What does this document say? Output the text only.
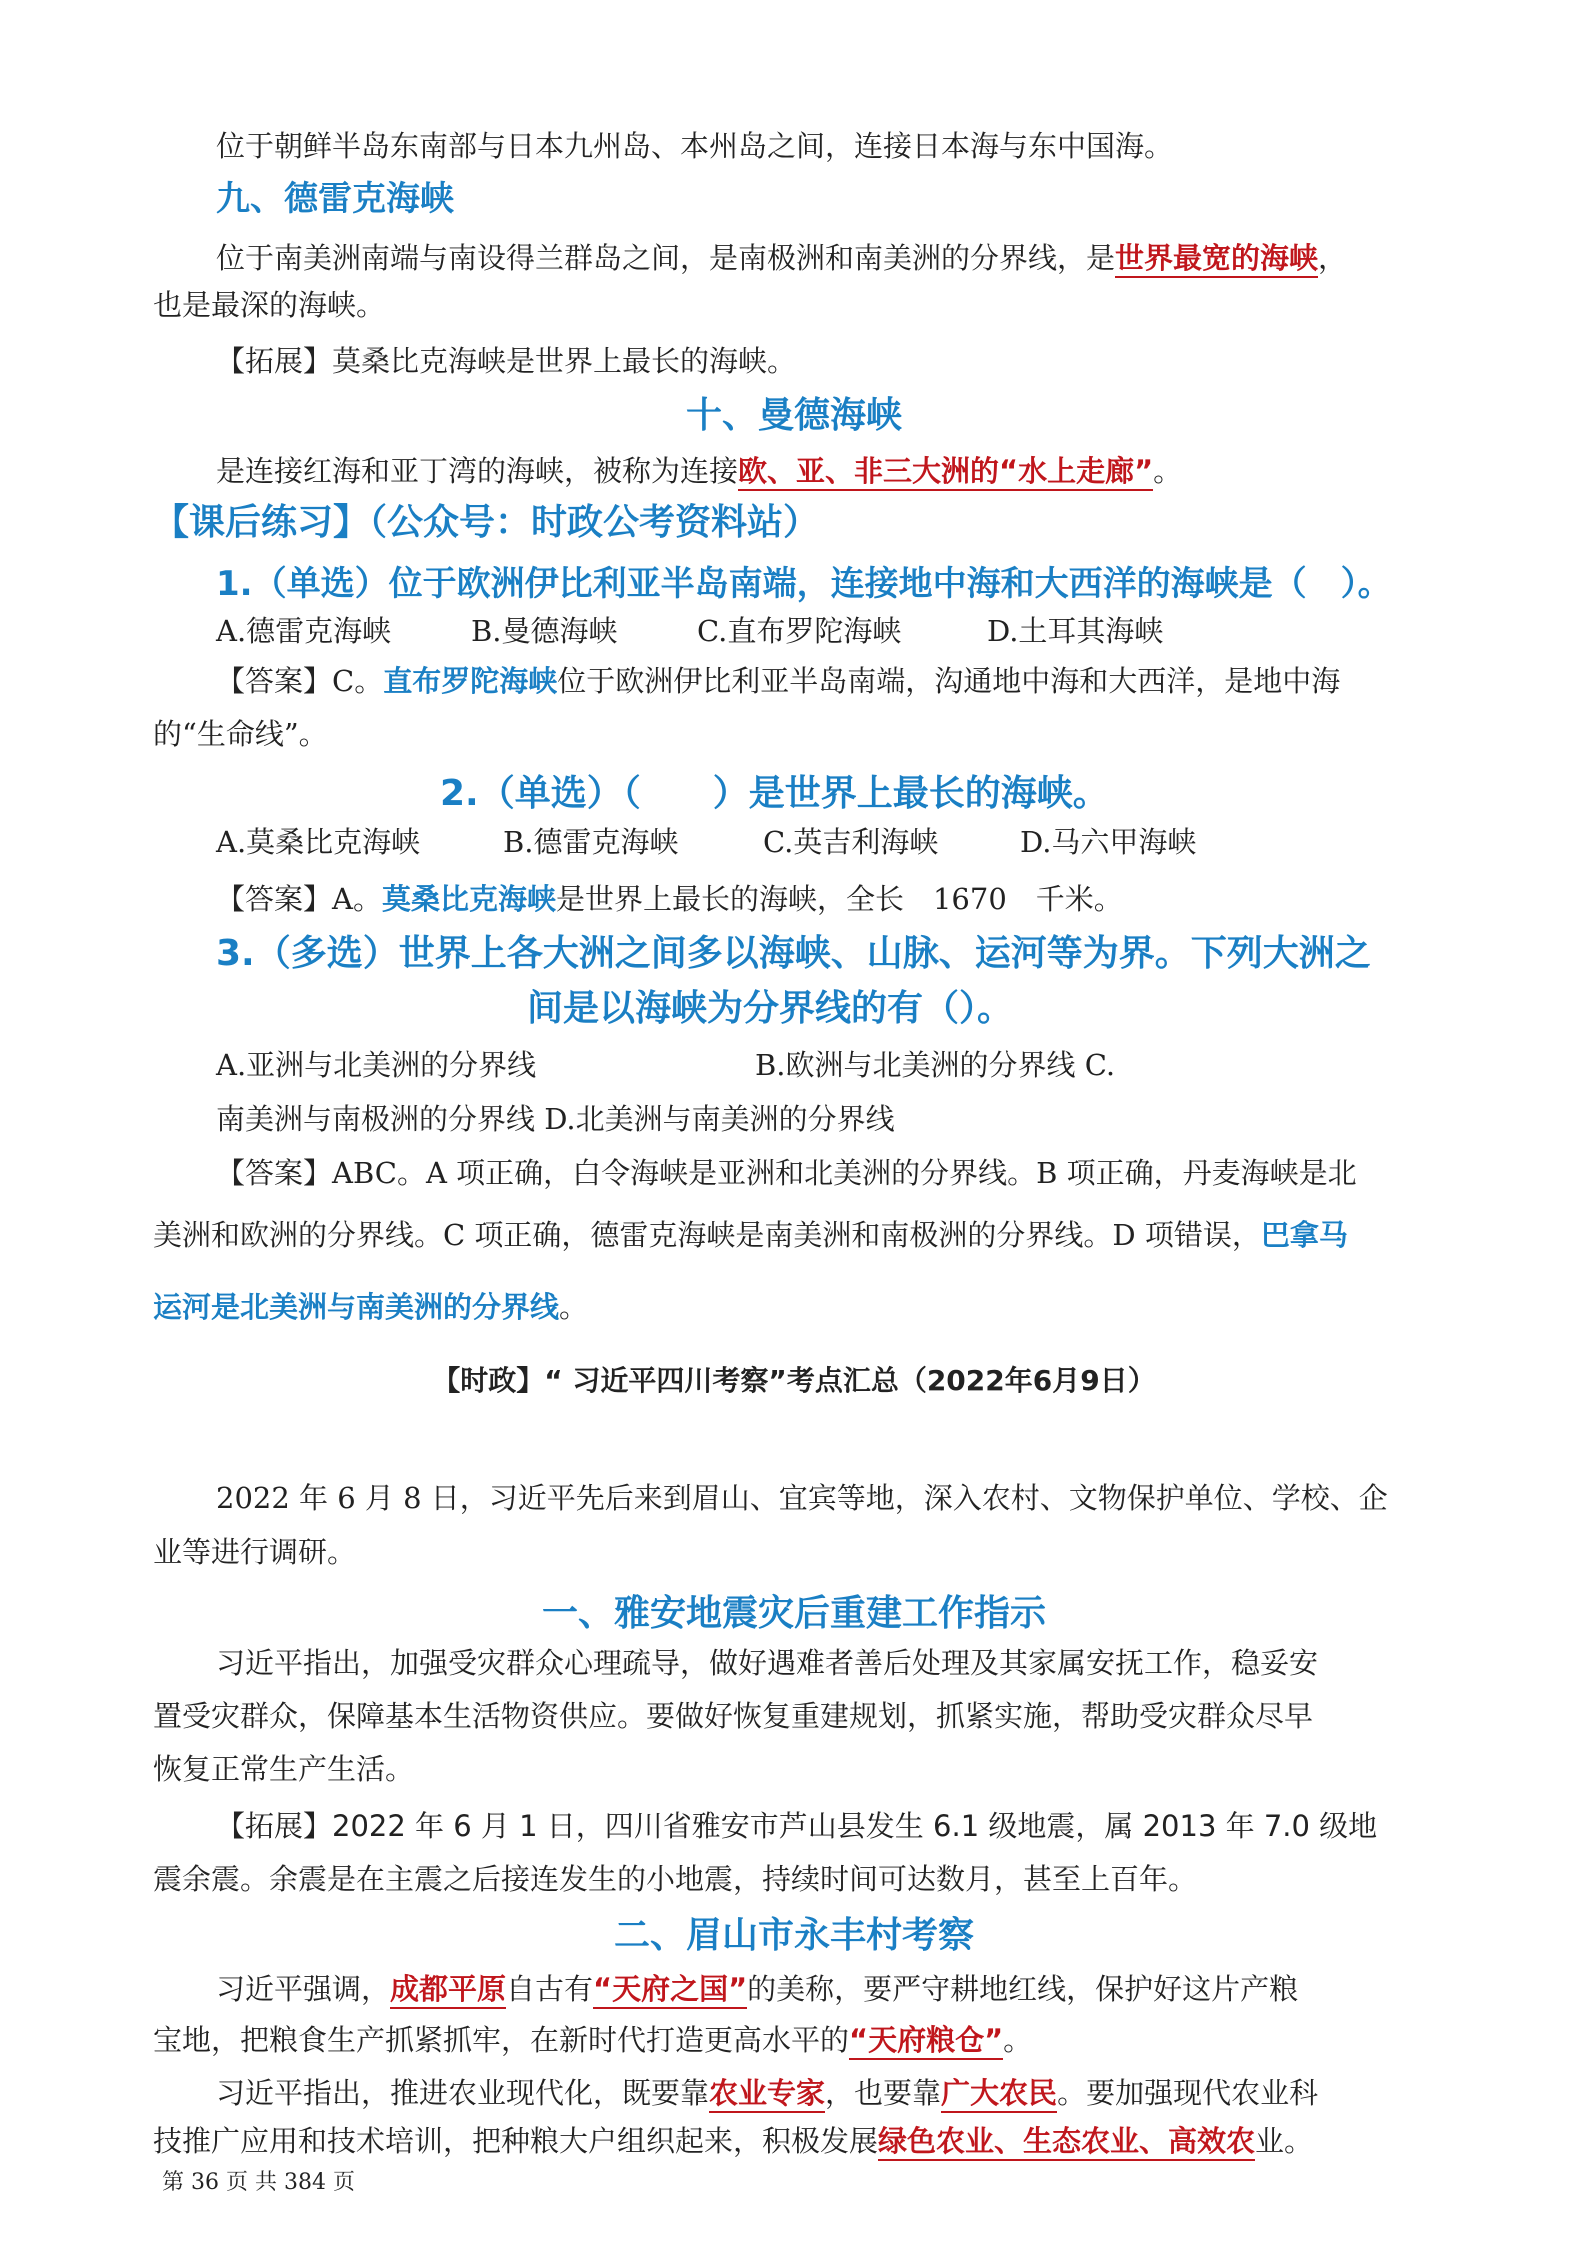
位于朝鲜半岛东南部与日本九州岛、本州岛之间，连接日本海与东中国海。
九、德雷克海峡
位于南美洲南端与南设得兰群岛之间，是南极洲和南美洲的分界线，是世界最宽的海峡，
也是最深的海峡。
【拓展】莫桑比克海峡是世界上最长的海峡。
十、曼德海峡
是连接红海和亚丁湾的海峡，被称为连接欧、亚、非三大洲的“水上走廊”。
【课后练习】（公众号：时政公考资料站）
1.（单选）位于欧洲伊比利亚半岛南端，连接地中海和大西洋的海峡是（　）。
A.德雷克海峡	B.曼德海峡	C.直布罗陀海峡	D.土耳其海峡
【答案】C。直布罗陀海峡位于欧洲伊比利亚半岛南端，沟通地中海和大西洋，是地中海
的“生命线”。
2.（单选）（　　）是世界上最长的海峡。
A.莫桑比克海峡	B.德雷克海峡	C.英吉利海峡	D.马六甲海峡
【答案】A。莫桑比克海峡是世界上最长的海峡，全长　1670　千米。
3.（多选）世界上各大洲之间多以海峡、山脉、运河等为界。下列大洲之
间是以海峡为分界线的有（）。
A.亚洲与北美洲的分界线	B.欧洲与北美洲的分界线 C.
南美洲与南极洲的分界线 D.北美洲与南美洲的分界线
【答案】ABC。A 项正确，白令海峡是亚洲和北美洲的分界线。B 项正确，丹麦海峡是北
美洲和欧洲的分界线。C 项正确，德雷克海峡是南美洲和南极洲的分界线。D 项错误，巴拿马
运河是北美洲与南美洲的分界线。
【时政】“ 习近平四川考察”考点汇总（2022年6月9日）
2022 年 6 月 8 日，习近平先后来到眉山、宜宾等地，深入农村、文物保护单位、学校、企
业等进行调研。
一、雅安地震灾后重建工作指示
习近平指出，加强受灾群众心理疏导，做好遇难者善后处理及其家属安抚工作，稳妥安
置受灾群众，保障基本生活物资供应。要做好恢复重建规划，抓紧实施，帮助受灾群众尽早
恢复正常生产生活。
【拓展】2022 年 6 月 1 日，四川省雅安市芦山县发生 6.1 级地震，属 2013 年 7.0 级地
震余震。余震是在主震之后接连发生的小地震，持续时间可达数月，甚至上百年。
二、眉山市永丰村考察
习近平强调，成都平原自古有“天府之国”的美称，要严守耕地红线，保护好这片产粮
宝地，把粮食生产抓紧抓牢，在新时代打造更高水平的“天府粮仓”。
习近平指出，推进农业现代化，既要靠农业专家，也要靠广大农民。要加强现代农业科
技推广应用和技术培训，把种粮大户组织起来，积极发展绿色农业、生态农业、高效农业。
第 36 页 共 384 页
